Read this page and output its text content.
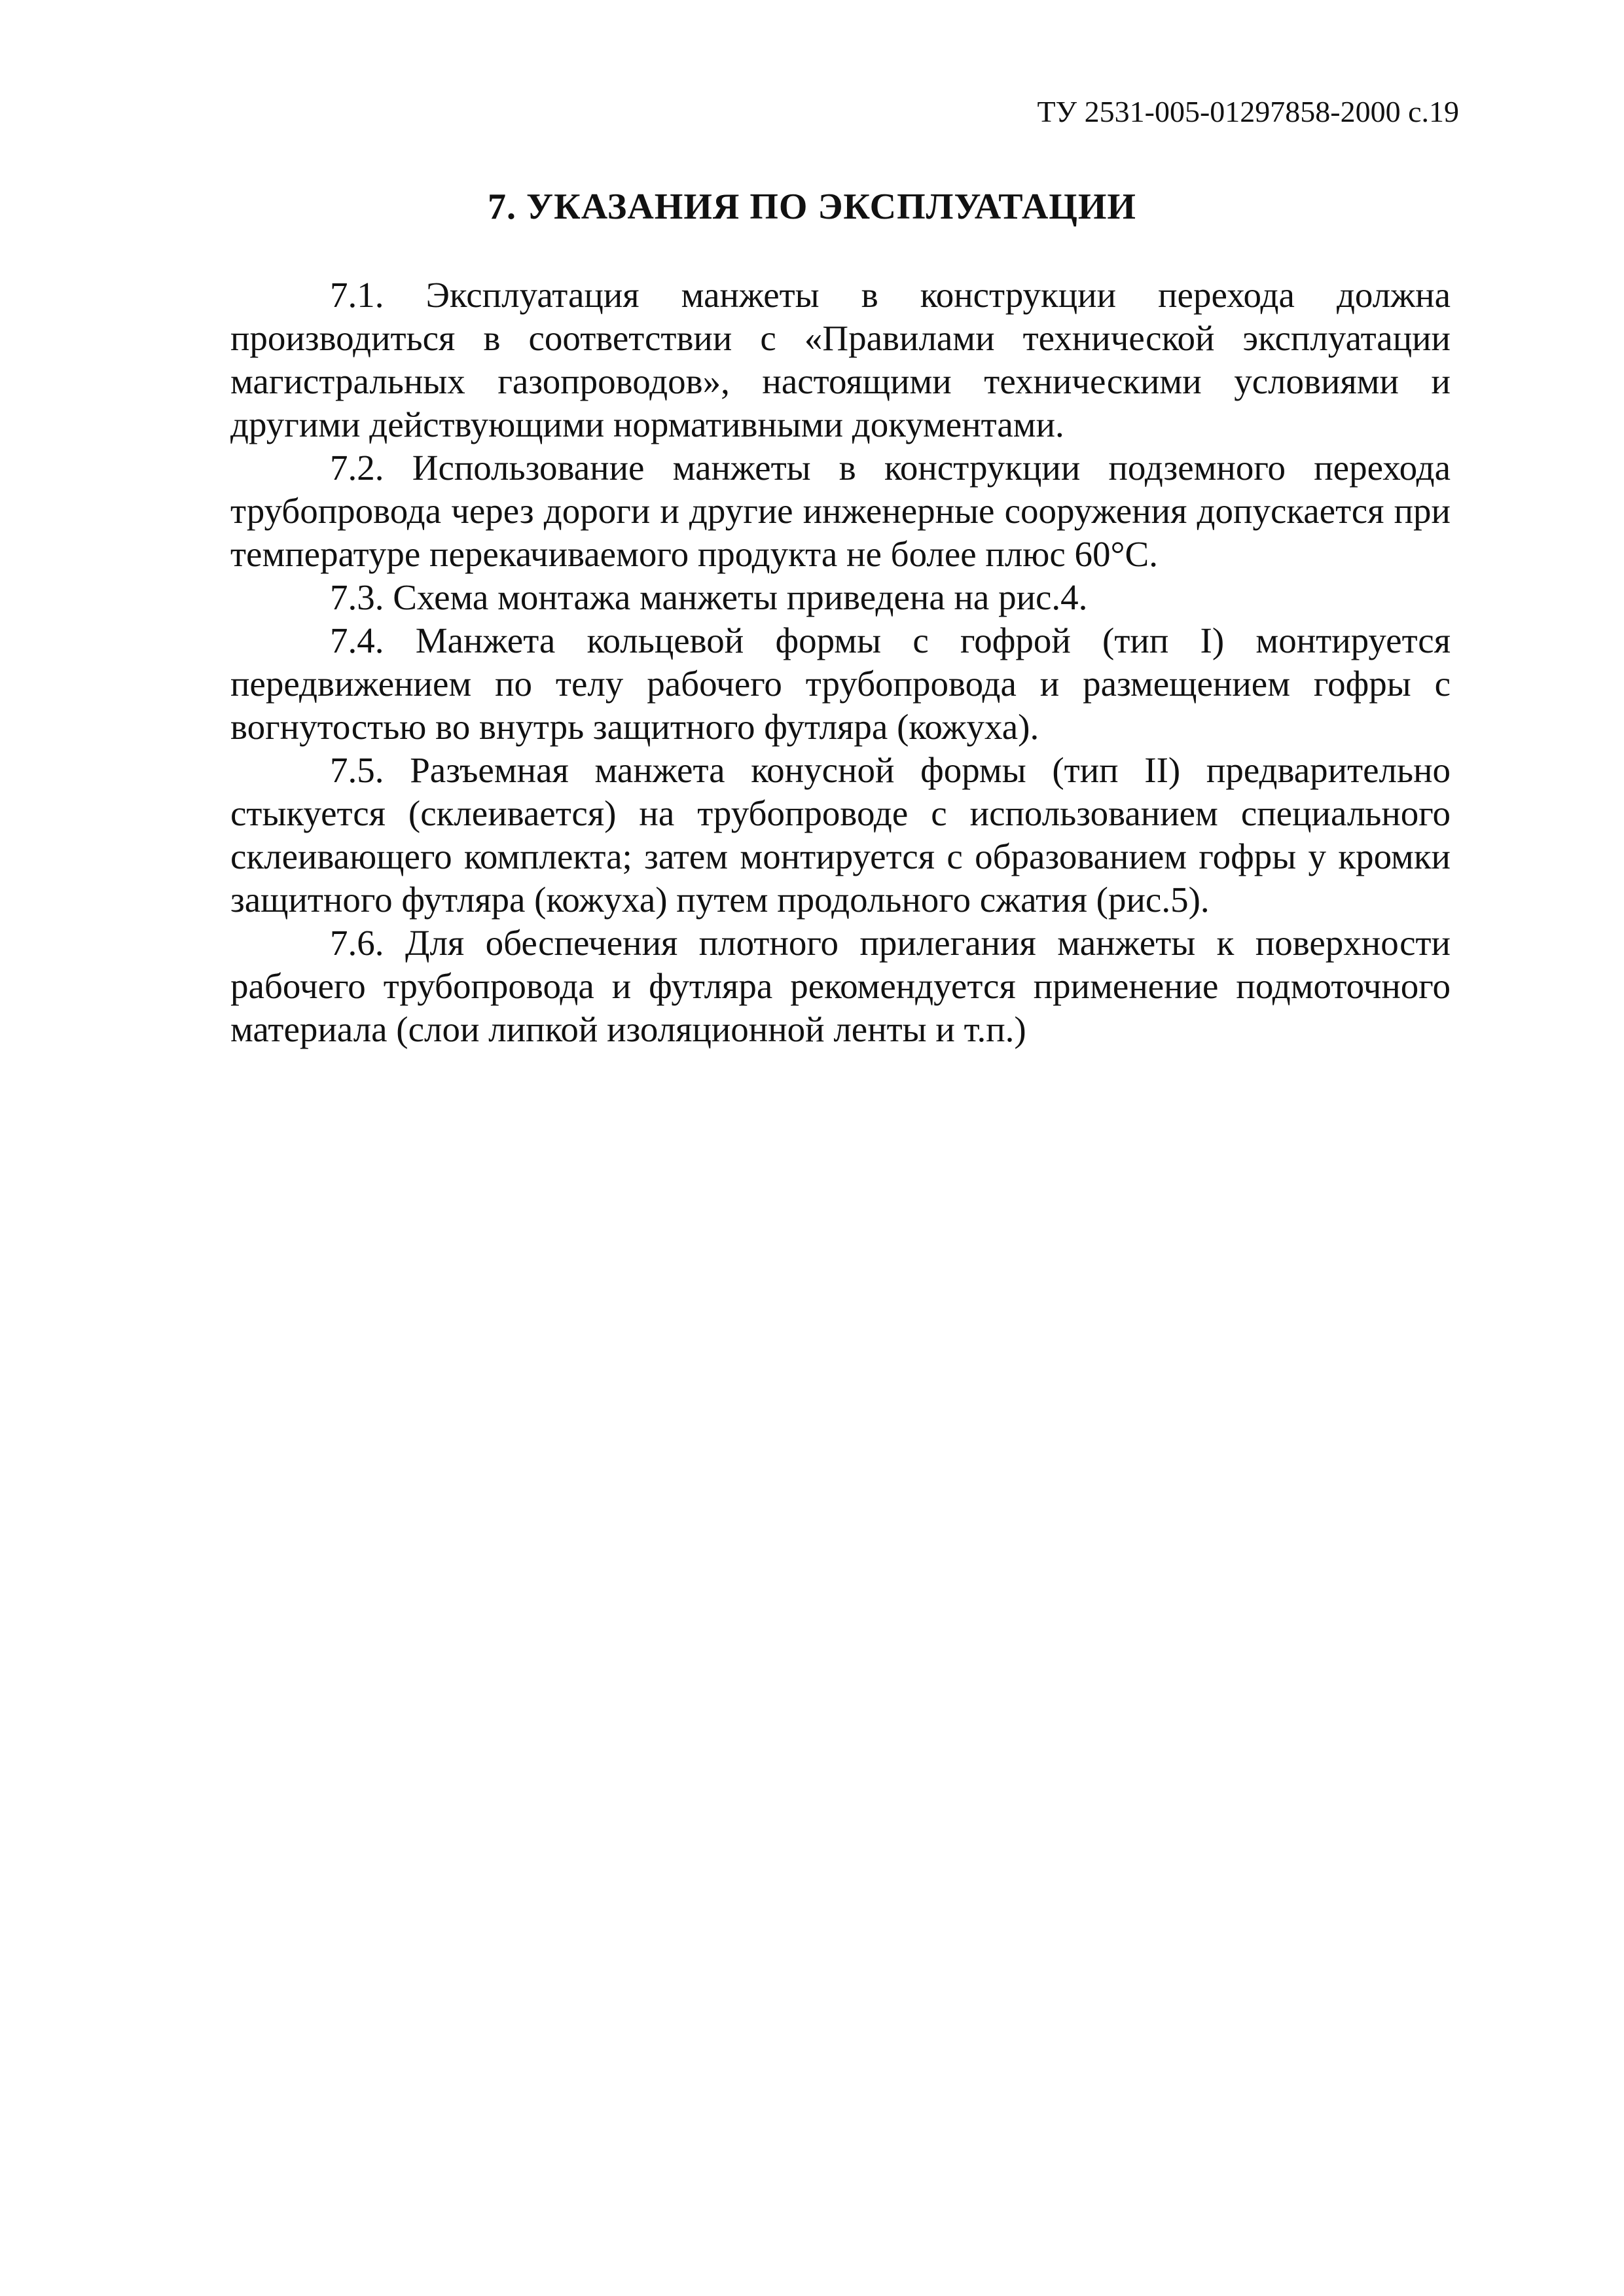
ТУ 2531-005-01297858-2000 с.19
7. УКАЗАНИЯ ПО ЭКСПЛУАТАЦИИ

7.1. Эксплуатация манжеты в конструкции перехода должна производиться в соответствии с «Правилами технической эксплуатации магистральных газопроводов», настоящими техническими условиями и другими действующими нормативными документами.

7.2. Использование манжеты в конструкции подземного перехода трубопровода через дороги и другие инженерные сооружения допускается при температуре перекачиваемого продукта не более плюс 60°С.

7.3. Схема монтажа манжеты приведена на рис.4.

7.4. Манжета кольцевой формы с гофрой (тип I) монтируется передвижением по телу рабочего трубопровода и размещением гофры с вогнутостью во внутрь защитного футляра (кожуха).

7.5. Разъемная манжета конусной формы (тип II) предварительно стыкуется (склеивается) на трубопроводе с использованием специального склеивающего комплекта; затем монтируется с образованием гофры у кромки защитного футляра (кожуха) путем продольного сжатия (рис.5).

7.6. Для обеспечения плотного прилегания манжеты к поверхности рабочего трубопровода и футляра рекомендуется применение подмоточного материала (слои липкой изоляционной ленты и т.п.)
